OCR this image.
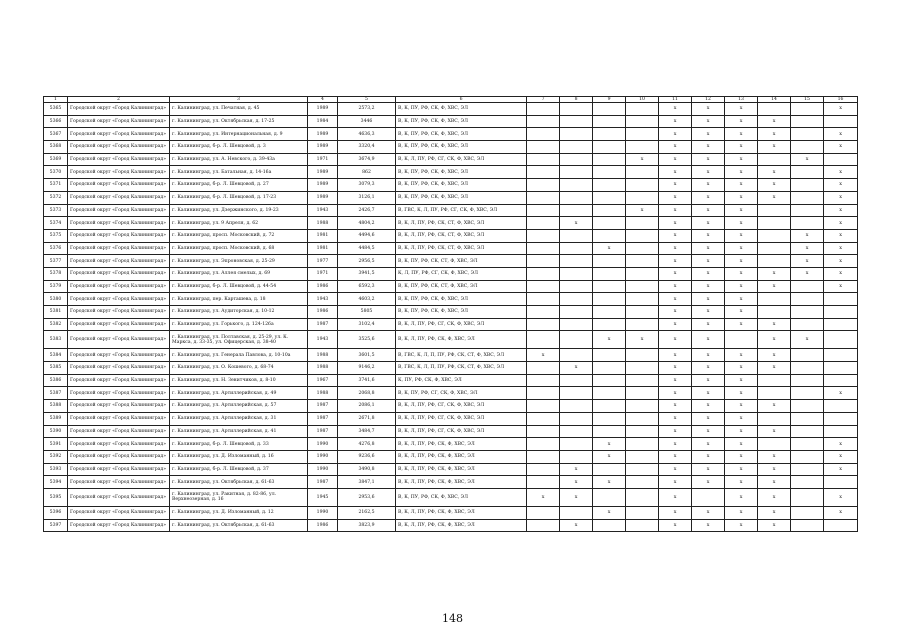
1	2	3	4	5	6	7	8	9	10	11	12	13	14	15	16
5365	Городской округ «Город Калининград»	г. Калининград, ул. Печатная, д. 45	1989	2573,2	В, К, ПУ, РФ, СК, Ф, ХВС, ЭЛ					х	х	х			х
5366	Городской округ «Город Калининград»	г. Калининград, ул. Октябрьская, д. 17-25	1984	3446	В, К, ПУ, РФ, СК, Ф, ХВС, ЭЛ					х	х	х	х		
5367	Городской округ «Город Калининград»	г. Калининград, ул. Интернациональная, д. 9	1989	4636,3	В, К, ПУ, РФ, СК, Ф, ХВС, ЭЛ					х	х	х	х		х
5368	Городской округ «Город Калининград»	г. Калининград, б-р. Л. Шевцовой, д. 3	1989	3320,4	В, К, ПУ, РФ, СК, Ф, ХВС, ЭЛ					х	х	х	х		х
5369	Городской округ «Город Калининград»	г. Калининград, ул. А. Невского, д. 39-43а	1971	3674,9	В, К, Л, ПУ, РФ, СГ, СК, Ф, ХВС, ЭЛ				х	х	х	х		х	
5370	Городской округ «Город Калининград»	г. Калининград, ул. Батальная, д. 14-16а	1989	862	В, К, ПУ, РФ, СК, Ф, ХВС, ЭЛ					х	х	х	х		х
5371	Городской округ «Город Калининград»	г. Калининград, б-р. Л. Шевцовой, д. 27	1989	3079,3	В, К, ПУ, РФ, СК, Ф, ХВС, ЭЛ					х	х	х	х		х
5372	Городской округ «Город Калининград»	г. Калининград, б-р. Л. Шевцовой, д. 17-23	1989	3126,1	В, К, ПУ, РФ, СК, Ф, ХВС, ЭЛ					х	х	х	х		х
5373	Городской округ «Город Калининград»	г. Калининград, ул. Дзержинского, д. 19-23	1943	2426,7	В, ГВС, К, Л, ПУ, РФ, СГ, СК, Ф, ХВС, ЭЛ				х	х	х	х			х
5374	Городской округ «Город Калининград»	г. Калининград, ул. 9 Апреля, д. 62	1988	4804,2	В, К, Л, ПУ, РФ, СК, СТ, Ф, ХВС, ЭЛ		х			х	х	х			х
5375	Городской округ «Город Калининград»	г. Калининград, просп. Московский, д. 72	1981	4494,6	В, К, Л, ПУ, РФ, СК, СТ, Ф, ХВС, ЭЛ					х	х	х		х	х
5376	Городской округ «Город Калининград»	г. Калининград, просп. Московский, д. 68	1981	4484,5	В, К, Л, ПУ, РФ, СК, СТ, Ф, ХВС, ЭЛ			х		х	х	х		х	х
5377	Городской округ «Город Калининград»	г. Калининград, ул. Эпроновская, д. 25-29	1977	2956,5	В, К, ПУ, РФ, СК, СТ, Ф, ХВС, ЭЛ					х	х	х		х	х
5378	Городской округ «Город Калининград»	г. Калининград, ул. Аллея смелых, д. 69	1971	3941,5	К, Л, ПУ, РФ, СГ, СК, Ф, ХВС, ЭЛ					х	х	х	х	х	х
5379	Городской округ «Город Калининград»	г. Калининград, б-р. Л. Шевцовой, д. 44-54	1986	6592,3	В, К, ПУ, РФ, СК, СТ, Ф, ХВС, ЭЛ					х	х	х	х		х
5380	Городской округ «Город Калининград»	г. Калининград, пер. Карташева, д. 18	1943	4603,2	В, К, ПУ, РФ, СК, Ф, ХВС, ЭЛ					х	х	х			
5381	Городской округ «Город Калининград»	г. Калининград, ул. Аудиторская, д. 10-12	1986	5805	В, К, ПУ, РФ, СК, Ф, ХВС, ЭЛ					х	х	х			
5382	Городской округ «Город Калининград»	г. Калининград, ул. Горького, д. 124-126а	1987	3102,4	В, К, Л, ПУ, РФ, СГ, СК, Ф, ХВС, ЭЛ					х	х	х	х		
5383	Городской округ «Город Калининград»	г. Калининград, ул. Полтавская, д. 25-29, ул. К. Маркса, д. 33-35, ул. Офицерская, д. 38-40	1943	3525,6	В, К, Л, ПУ, РФ, СК, Ф, ХВС, ЭЛ			х	х	х	х		х	х	
5384	Городской округ «Город Калининград»	г. Калининград, ул. Генерала Павлова, д. 10-10а	1988	3601,5	В, ГВС, К, Л, П, ПУ, РФ, СК, СТ, Ф, ХВС, ЭЛ	х				х	х	х	х		
5385	Городской округ «Город Калининград»	г. Калининград, ул. О. Кошевого, д. 68-74	1988	9146,2	В, ГВС, К, Л, П, ПУ, РФ, СК, СТ, Ф, ХВС, ЭЛ		х			х	х	х	х		
5386	Городской округ «Город Калининград»	г. Калининград, ул. Н. Зенитчиков, д. 8-10	1967	3741,6	К, ПУ, РФ, СК, Ф, ХВС, ЭЛ					х	х	х			
5387	Городской округ «Город Калининград»	г. Калининград, ул. Артиллерийская, д. 49	1988	2068,8	В, К, ПУ, РФ, СГ, СК, Ф, ХВС, ЭЛ					х	х	х			х
5388	Городской округ «Город Калининград»	г. Калининград, ул. Артиллерийская, д. 57	1987	2086,1	В, К, Л, ПУ, РФ, СГ, СК, Ф, ХВС, ЭЛ					х	х	х	х		
5389	Городской округ «Город Калининград»	г. Калининград, ул. Артиллерийская, д. 31	1987	2671,8	В, К, Л, ПУ, РФ, СГ, СК, Ф, ХВС, ЭЛ					х	х	х			
5390	Городской округ «Город Калининград»	г. Калининград, ул. Артиллерийская, д. 41	1987	3484,7	В, К, Л, ПУ, РФ, СГ, СК, Ф, ХВС, ЭЛ					х	х	х	х		
5391	Городской округ «Город Калининград»	г. Калининград, б-р. Л. Шевцовой, д. 33	1990	4276,8	В, К, Л, ПУ, РФ, СК, Ф, ХВС, ЭЛ			х		х	х	х			х
5392	Городской округ «Город Калининград»	г. Калининград, ул. Д. Изломанный, д. 16	1990	9236,6	В, К, Л, ПУ, РФ, СК, Ф, ХВС, ЭЛ			х		х	х	х	х		х
5393	Городской округ «Город Калининград»	г. Калининград, б-р. Л. Шевцовой, д. 37	1990	3490,8	В, К, Л, ПУ, РФ, СК, Ф, ХВС, ЭЛ		х			х	х	х	х		х
5394	Городской округ «Город Калининград»	г. Калининград, ул. Октябрьская, д. 61-63	1987	3847,1	В, К, Л, ПУ, РФ, СК, Ф, ХВС, ЭЛ		х	х		х	х	х	х		
5395	Городской округ «Город Калининград»	г. Калининград, ул. Ракитная, д. 82-86, ул. Верхнеозерная, д. 16	1945	2953,6	В, К, ПУ, РФ, СК, Ф, ХВС, ЭЛ	х	х			х		х	х		х
5396	Городской округ «Город Калининград»	г. Калининград, ул. Д. Изломанный, д. 12	1990	2162,5	В, К, Л, ПУ, РФ, СК, Ф, ХВС, ЭЛ			х		х	х	х	х		х
5397	Городской округ «Город Калининград»	г. Калининград, ул. Октябрьская, д. 61-63	1986	3823,9	В, К, Л, ПУ, РФ, СК, Ф, ХВС, ЭЛ		х			х	х	х	х		
148
